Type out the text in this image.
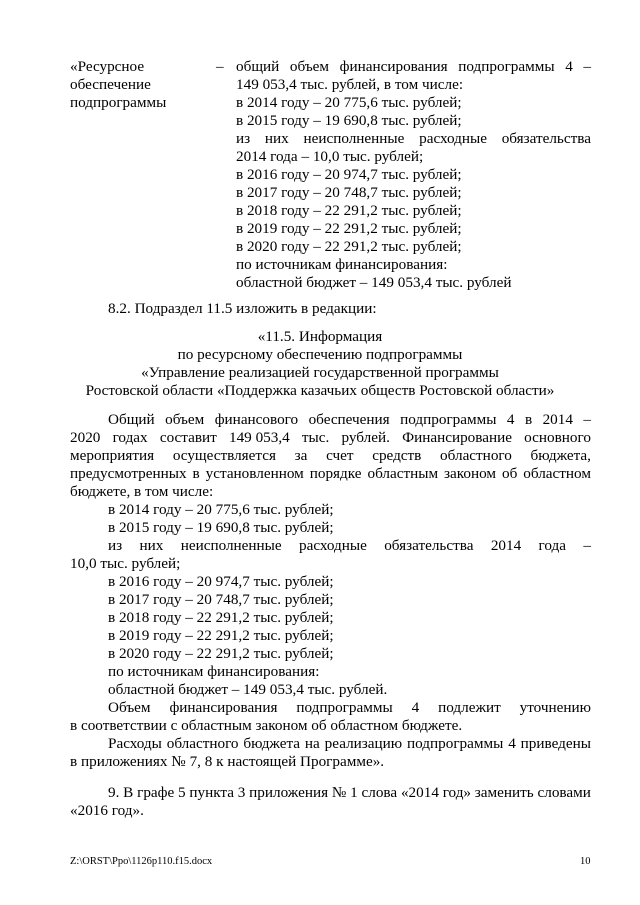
«Ресурсное
обеспечение
подпрограммы
– общий объем финансирования подпрограммы 4 –
149 053,4 тыс. рублей, в том числе:
в 2014 году – 20 775,6 тыс. рублей;
в 2015 году – 19 690,8 тыс. рублей;
из них неисполненные расходные обязательства
2014 года – 10,0 тыс. рублей;
в 2016 году – 20 974,7 тыс. рублей;
в 2017 году – 20 748,7 тыс. рублей;
в 2018 году – 22 291,2 тыс. рублей;
в 2019 году – 22 291,2 тыс. рублей;
в 2020 году – 22 291,2 тыс. рублей;
по источникам финансирования:
областной бюджет – 149 053,4 тыс. рублей
8.2. Подраздел 11.5 изложить в редакции:
«11.5. Информация
по ресурсному обеспечению подпрограммы
«Управление реализацией государственной программы
Ростовской области «Поддержка казачьих обществ Ростовской области»
Общий объем финансового обеспечения подпрограммы 4 в 2014 –
2020 годах составит 149 053,4 тыс. рублей. Финансирование основного
мероприятия осуществляется за счет средств областного бюджета,
предусмотренных в установленном порядке областным законом об областном
бюджете, в том числе:
в 2014 году – 20 775,6 тыс. рублей;
в 2015 году – 19 690,8 тыс. рублей;
из них неисполненные расходные обязательства 2014 года –
10,0 тыс. рублей;
в 2016 году – 20 974,7 тыс. рублей;
в 2017 году – 20 748,7 тыс. рублей;
в 2018 году – 22 291,2 тыс. рублей;
в 2019 году – 22 291,2 тыс. рублей;
в 2020 году – 22 291,2 тыс. рублей;
по источникам финансирования:
областной бюджет – 149 053,4 тыс. рублей.
Объем финансирования подпрограммы 4 подлежит уточнению
в соответствии с областным законом об областном бюджете.
Расходы областного бюджета на реализацию подпрограммы 4 приведены
в приложениях № 7, 8 к настоящей Программе».
9. В графе 5 пункта 3 приложения № 1 слова «2014 год» заменить словами
«2016 год».
Z:\ORST\Ppo\1126p110.f15.docx	10
